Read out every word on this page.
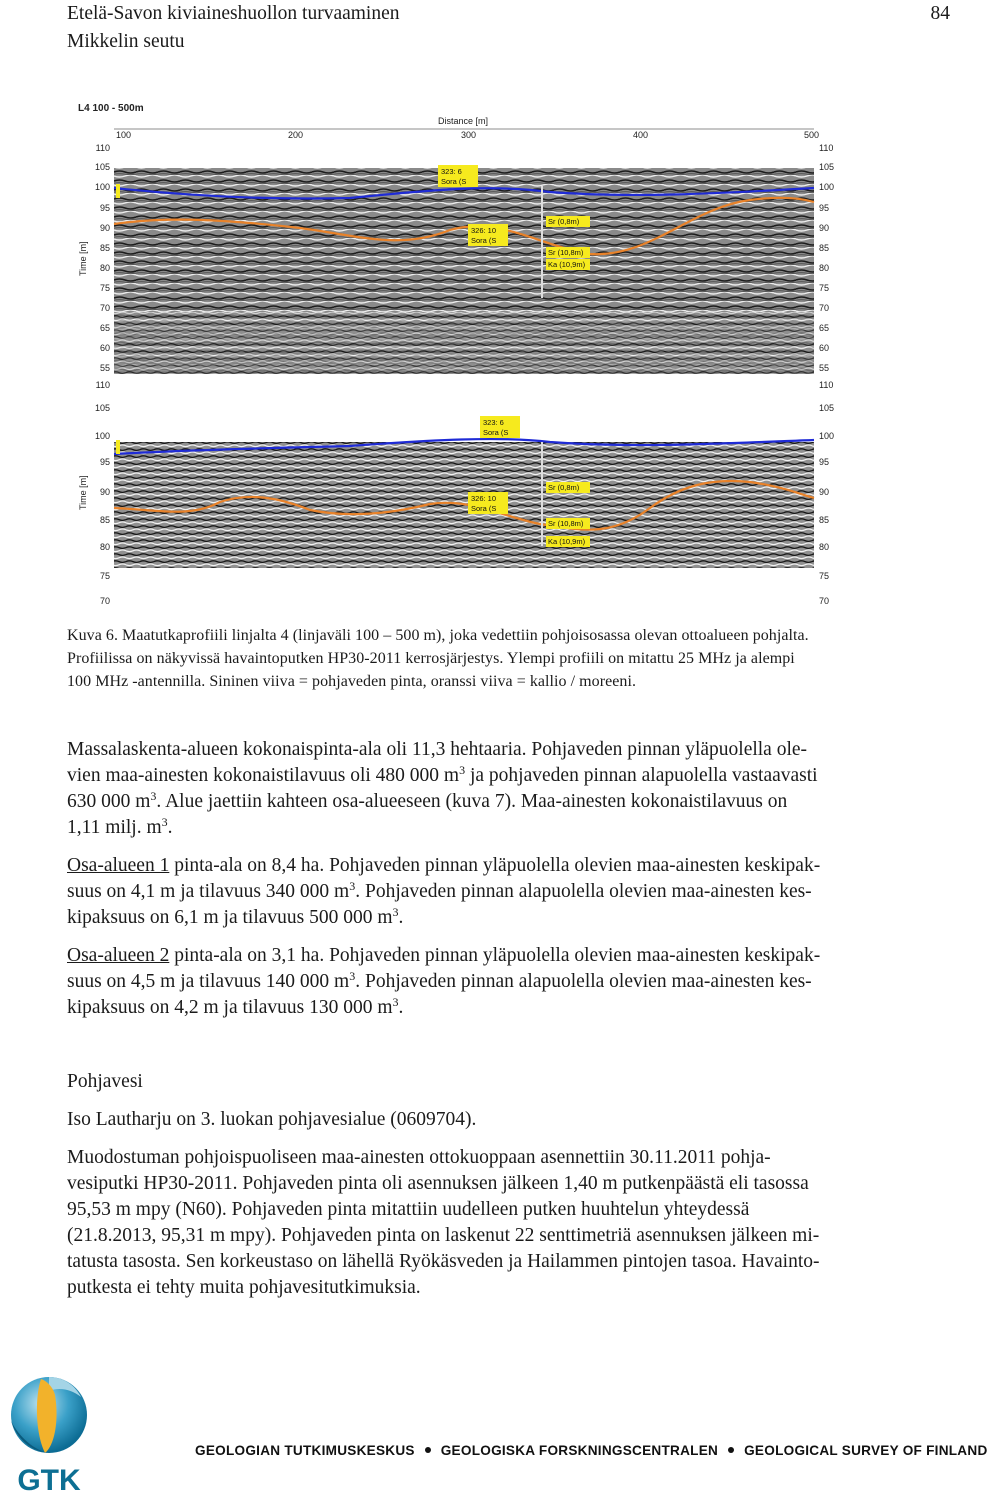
Etelä-Savon kiviaineshuollon turvaaminen
Mikkelin seutu
84
L4 100 - 500m
Distance [m]
100	200	300	400	500
323: 6
Sora (S
326: 10
Sora (S
Sr (0,8m)
Sr (10,8m)
Ka (10,9m)
110
105
100
95
90
85
80
75
70
65
60
55
110
105
100
95
90
85
80
75
70
65
60
55
Time [m]
323: 6
Sora (S
326: 10
Sora (S
Sr (0,8m)
Sr (10,8m)
Ka (10,9m)
110
105
100
95
90
85
80
75
70
110
105
100
95
90
85
80
75
70
Time [m]
Kuva 6. Maatutkaprofiili linjalta 4 (linjaväli 100 – 500 m), joka vedettiin pohjoisosassa olevan ottoalueen pohjalta.
Profiilissa on näkyvissä havaintoputken HP30-2011 kerrosjärjestys. Ylempi profiili on mitattu 25 MHz ja alempi
100 MHz -antennilla. Sininen viiva = pohjaveden pinta, oranssi viiva = kallio / moreeni.
Massalaskenta-alueen kokonaispinta-ala oli 11,3 hehtaaria. Pohjaveden pinnan yläpuolella ole-
vien maa-ainesten kokonaistilavuus oli 480 000 $m^3$ ja pohjaveden pinnan alapuolella vastaavasti
630 000 $m^3$. Alue jaettiin kahteen osa-alueeseen (kuva 7). Maa-ainesten kokonaistilavuus on
1,11 milj. $m^3$.
Osa-alueen 1 pinta-ala on 8,4 ha. Pohjaveden pinnan yläpuolella olevien maa-ainesten keskipak-
suus on 4,1 m ja tilavuus 340 000 $m^3$. Pohjaveden pinnan alapuolella olevien maa-ainesten kes-
kipaksuus on 6,1 m ja tilavuus 500 000 $m^3$.
Osa-alueen 2 pinta-ala on 3,1 ha. Pohjaveden pinnan yläpuolella olevien maa-ainesten keskipak-
suus on 4,5 m ja tilavuus 140 000 $m^3$. Pohjaveden pinnan alapuolella olevien maa-ainesten kes-
kipaksuus on 4,2 m ja tilavuus 130 000 $m^3$.
Pohjavesi
Iso Lautharju on 3. luokan pohjavesialue (0609704).
Muodostuman pohjoispuoliseen maa-ainesten ottokuoppaan asennettiin 30.11.2011 pohja-
vesiputki HP30-2011. Pohjaveden pinta oli asennuksen jälkeen 1,40 m putkenpäästä eli tasossa
95,53 m mpy (N60). Pohjaveden pinta mitattiin uudelleen putken huuhtelun yhteydessä
(21.8.2013, 95,31 m mpy). Pohjaveden pinta on laskenut 22 senttimetriä asennuksen jälkeen mi-
tatusta tasosta. Sen korkeustaso on lähellä Ryökäsveden ja Hailammen pintojen tasoa. Havainto-
putkesta ei tehty muita pohjavesitutkimuksia.
GTK
GEOLOGIAN TUTKIMUSKESKUS GEOLOGISKA FORSKNINGSCENTRALEN GEOLOGICAL SURVEY OF FINLAND
